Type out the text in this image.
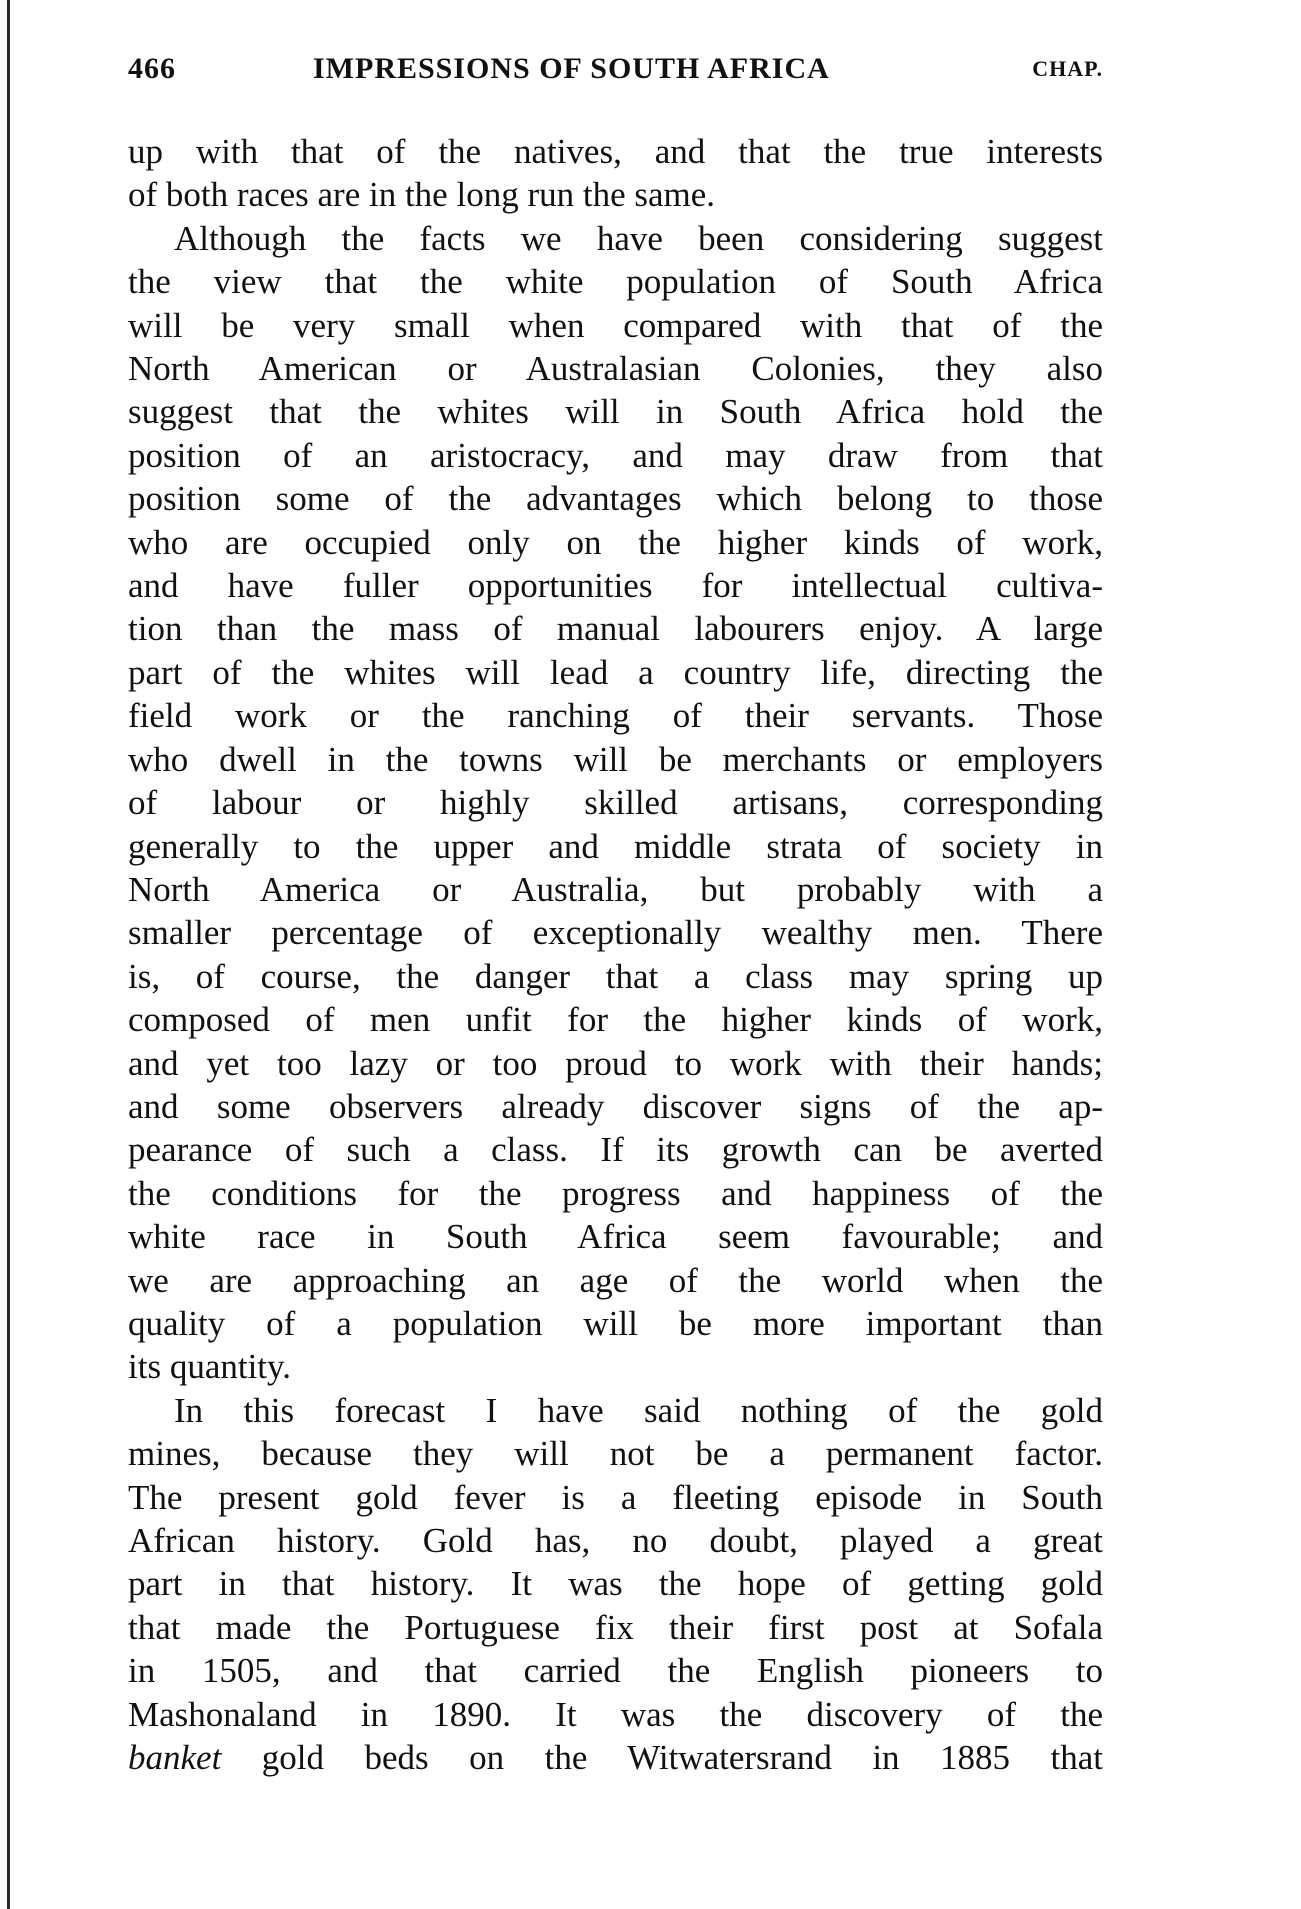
466	IMPRESSIONS OF SOUTH AFRICA	CHAP.
up with that of the natives, and that the true interests
of both races are in the long run the same.
Although the facts we have been considering suggest
the view that the white population of South Africa
will be very small when compared with that of the
North American or Australasian Colonies, they also
suggest that the whites will in South Africa hold the
position of an aristocracy, and may draw from that
position some of the advantages which belong to those
who are occupied only on the higher kinds of work,
and have fuller opportunities for intellectual cultiva-
tion than the mass of manual labourers enjoy. A large
part of the whites will lead a country life, directing the
field work or the ranching of their servants. Those
who dwell in the towns will be merchants or employers
of labour or highly skilled artisans, corresponding
generally to the upper and middle strata of society in
North America or Australia, but probably with a
smaller percentage of exceptionally wealthy men. There
is, of course, the danger that a class may spring up
composed of men unfit for the higher kinds of work,
and yet too lazy or too proud to work with their hands;
and some observers already discover signs of the ap-
pearance of such a class. If its growth can be averted
the conditions for the progress and happiness of the
white race in South Africa seem favourable; and
we are approaching an age of the world when the
quality of a population will be more important than
its quantity.
In this forecast I have said nothing of the gold
mines, because they will not be a permanent factor.
The present gold fever is a fleeting episode in South
African history. Gold has, no doubt, played a great
part in that history. It was the hope of getting gold
that made the Portuguese fix their first post at Sofala
in 1505, and that carried the English pioneers to
Mashonaland in 1890. It was the discovery of the
banket gold beds on the Witwatersrand in 1885 that
